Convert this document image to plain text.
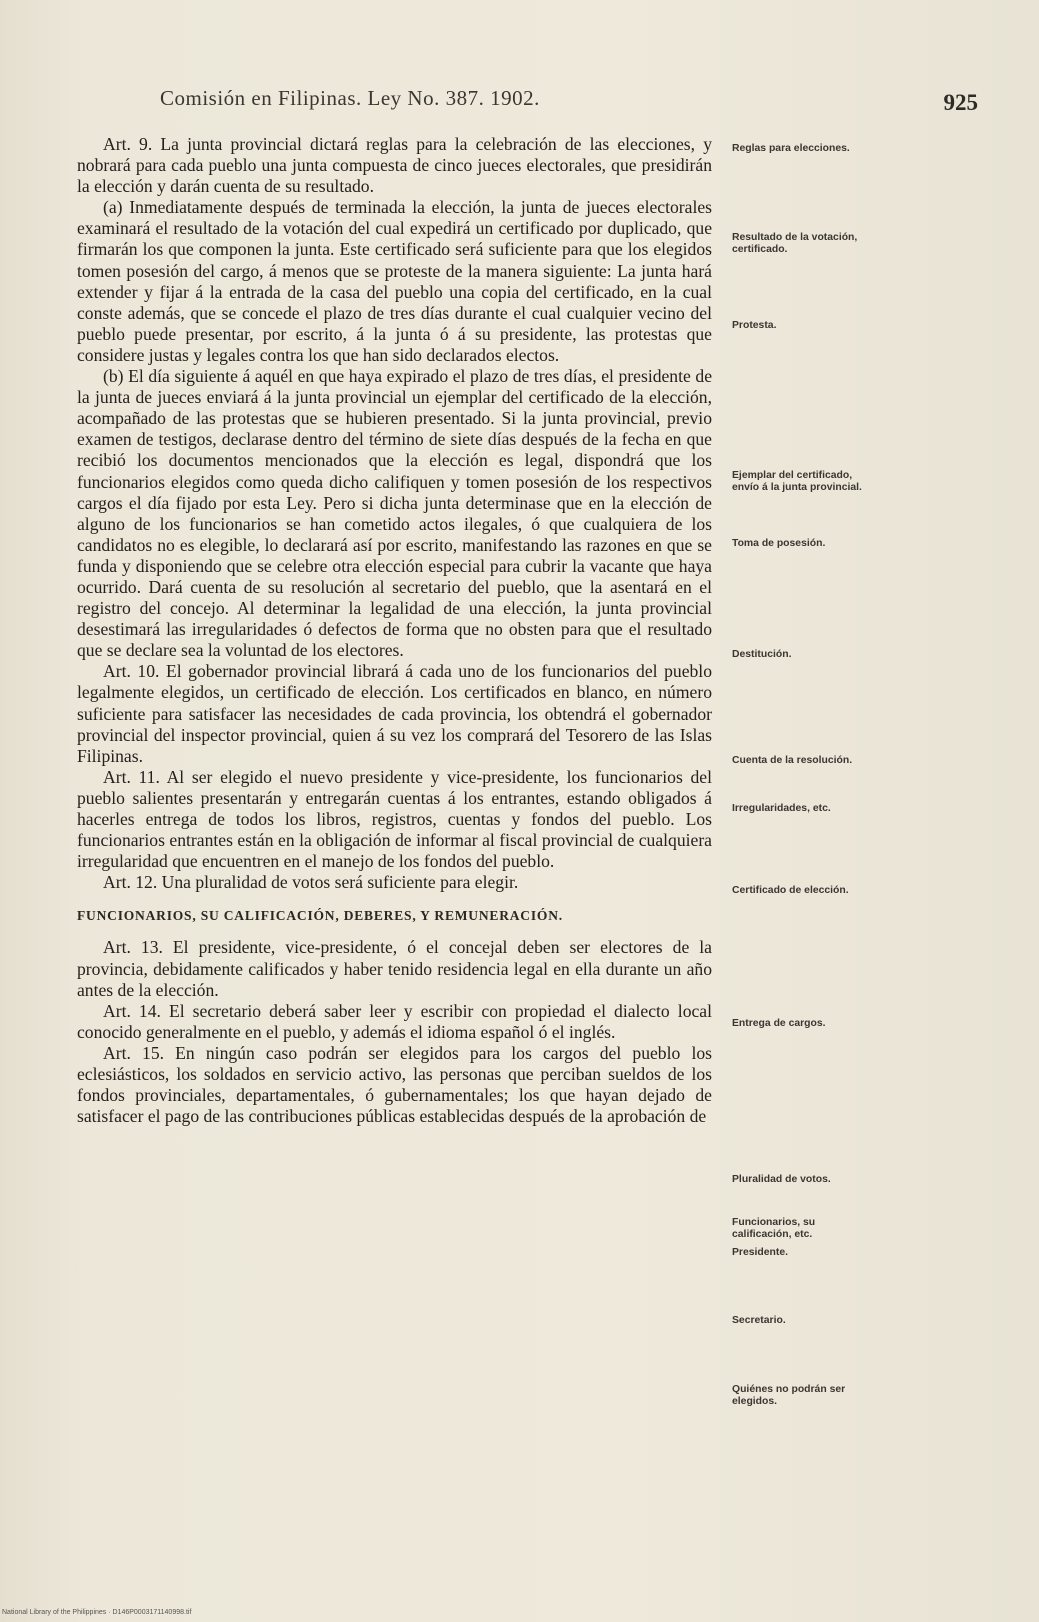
Comisión en Filipinas. Ley No. 387. 1902.	925

Art. 9. La junta provincial dictará reglas para la celebración de las elecciones, y nobrará para cada pueblo una junta compuesta de cinco jueces electorales, que presidirán la elección y darán cuenta de su resultado.

(a) Inmediatamente después de terminada la elección, la junta de jueces electorales examinará el resultado de la votación del cual expedirá un certificado por duplicado, que firmarán los que componen la junta. Este certificado será suficiente para que los elegidos tomen posesión del cargo, á menos que se proteste de la manera siguiente: La junta hará extender y fijar á la entrada de la casa del pueblo una copia del certificado, en la cual conste además, que se concede el plazo de tres días durante el cual cualquier vecino del pueblo puede presentar, por escrito, á la junta ó á su presidente, las protestas que considere justas y legales contra los que han sido declarados electos.

(b) El día siguiente á aquél en que haya expirado el plazo de tres días, el presidente de la junta de jueces enviará á la junta provincial un ejemplar del certificado de la elección, acompañado de las protestas que se hubieren presentado. Si la junta provincial, previo examen de testigos, declarase dentro del término de siete días después de la fecha en que recibió los documentos mencionados que la elección es legal, dispondrá que los funcionarios elegidos como queda dicho califiquen y tomen posesión de los respectivos cargos el día fijado por esta Ley. Pero si dicha junta determinase que en la elección de alguno de los funcionarios se han cometido actos ilegales, ó que cualquiera de los candidatos no es elegible, lo declarará así por escrito, manifestando las razones en que se funda y disponiendo que se celebre otra elección especial para cubrir la vacante que haya ocurrido. Dará cuenta de su resolución al secretario del pueblo, que la asentará en el registro del concejo. Al determinar la legalidad de una elección, la junta provincial desestimará las irregularidades ó defectos de forma que no obsten para que el resultado que se declare sea la voluntad de los electores.

Art. 10. El gobernador provincial librará á cada uno de los funcionarios del pueblo legalmente elegidos, un certificado de elección. Los certificados en blanco, en número suficiente para satisfacer las necesidades de cada provincia, los obtendrá el gobernador provincial del inspector provincial, quien á su vez los comprará del Tesorero de las Islas Filipinas.

Art. 11. Al ser elegido el nuevo presidente y vice-presidente, los funcionarios del pueblo salientes presentarán y entregarán cuentas á los entrantes, estando obligados á hacerles entrega de todos los libros, registros, cuentas y fondos del pueblo. Los funcionarios entrantes están en la obligación de informar al fiscal provincial de cualquiera irregularidad que encuentren en el manejo de los fondos del pueblo.

Art. 12. Una pluralidad de votos será suficiente para elegir.

FUNCIONARIOS, SU CALIFICACIÓN, DEBERES, Y REMUNERACIÓN.

Art. 13. El presidente, vice-presidente, ó el concejal deben ser electores de la provincia, debidamente calificados y haber tenido residencia legal en ella durante un año antes de la elección.

Art. 14. El secretario deberá saber leer y escribir con propiedad el dialecto local conocido generalmente en el pueblo, y además el idioma español ó el inglés.

Art. 15. En ningún caso podrán ser elegidos para los cargos del pueblo los eclesiásticos, los soldados en servicio activo, las personas que perciban sueldos de los fondos provinciales, departamentales, ó gubernamentales; los que hayan dejado de satisfacer el pago de las contribuciones públicas establecidas después de la aprobación de

Reglas para elecciones.
Resultado de la votación, certificado.
Protesta.
Ejemplar del certificado, envío á la junta provincial.
Toma de posesión.
Destitución.
Cuenta de la resolución.
Irregularidades, etc.
Certificado de elección.
Entrega de cargos.
Pluralidad de votos.
Funcionarios, su calificación, etc.
Presidente.
Secretario.
Quiénes no podrán ser elegidos.
National Library of the Philippines · D146P0003171140998.tif
